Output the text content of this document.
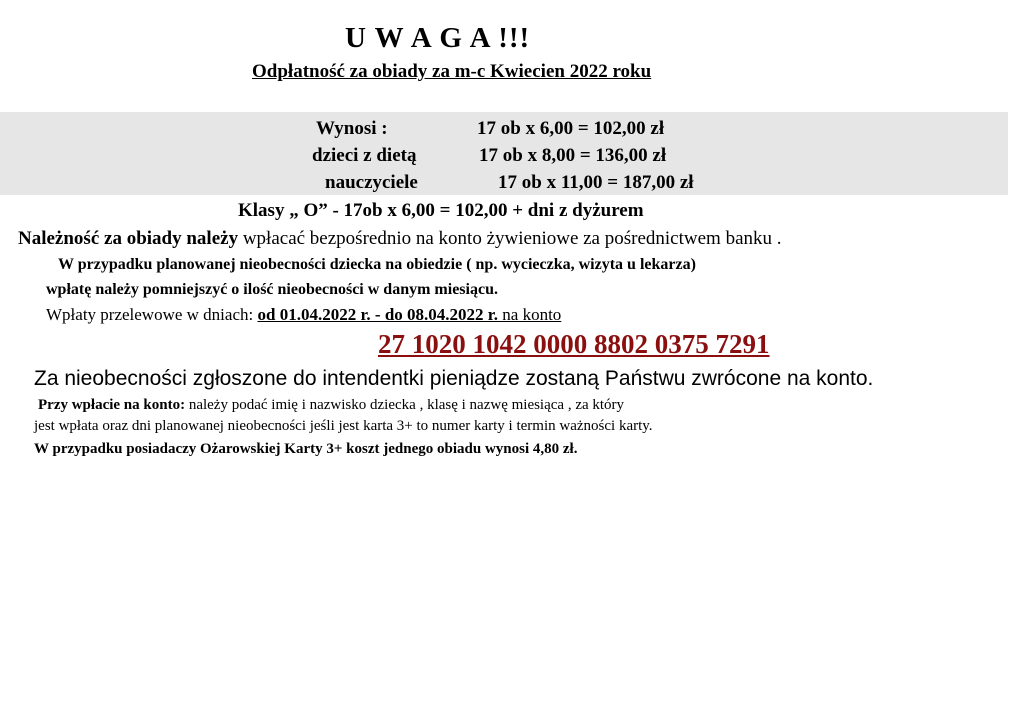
U W A G A !!!
Odpłatność za obiady za m-c Kwiecien 2022 roku
Wynosi :	17 ob x 6,00 = 102,00 zł
dzieci z dietą	17 ob x 8,00 = 136,00 zł
nauczyciele	17 ob x 11,00 = 187,00 zł
Klasy „ O” - 17ob x 6,00 = 102,00 + dni z dyżurem
Należność za obiady należy wpłacać bezpośrednio na konto żywieniowe za pośrednictwem banku .
W przypadku planowanej nieobecności dziecka na obiedzie ( np. wycieczka, wizyta u lekarza)
wpłatę należy pomniejszyć o ilość nieobecności w danym miesiącu.
Wpłaty przelewowe w dniach: od 01.04.2022 r. - do 08.04.2022 r. na konto
27 1020 1042 0000 8802 0375 7291
Za nieobecności zgłoszone do intendentki pieniądze zostaną Państwu zwrócone na konto.
Przy wpłacie na konto: należy podać imię i nazwisko dziecka , klasę i nazwę miesiąca , za który
jest wpłata oraz dni planowanej nieobecności jeśli jest karta 3+ to numer karty i termin ważności karty.
W przypadku posiadaczy Ożarowskiej Karty 3+ koszt jednego obiadu wynosi 4,80 zł.
